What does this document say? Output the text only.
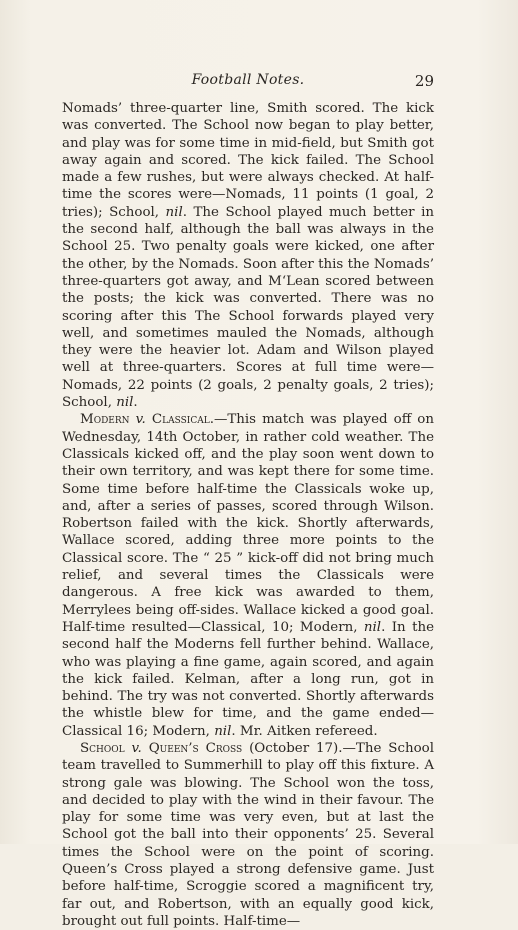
Football Notes.	29

Nomads’ three-quarter line, Smith scored. The kick was converted. The School now began to play better, and play was for some time in mid-field, but Smith got away again and scored. The kick failed. The School made a few rushes, but were always checked. At half-time the scores were—Nomads, 11 points (1 goal, 2 tries); School, nil. The School played much better in the second half, although the ball was always in the School 25. Two penalty goals were kicked, one after the other, by the Nomads. Soon after this the Nomads’ three-quarters got away, and M‘Lean scored between the posts; the kick was converted. There was no scoring after this The School forwards played very well, and sometimes mauled the Nomads, although they were the heavier lot. Adam and Wilson played well at three-quarters. Scores at full time were—Nomads, 22 points (2 goals, 2 penalty goals, 2 tries); School, nil.

Modern v. Classical.—This match was played off on Wednesday, 14th October, in rather cold weather. The Classicals kicked off, and the play soon went down to their own territory, and was kept there for some time. Some time before half-time the Classicals woke up, and, after a series of passes, scored through Wilson. Robertson failed with the kick. Shortly afterwards, Wallace scored, adding three more points to the Classical score. The “ 25 ” kick-off did not bring much relief, and several times the Classicals were dangerous. A free kick was awarded to them, Merrylees being off-sides. Wallace kicked a good goal. Half-time resulted—Classical, 10; Modern, nil. In the second half the Moderns fell further behind. Wallace, who was playing a fine game, again scored, and again the kick failed. Kelman, after a long run, got in behind. The try was not converted. Shortly afterwards the whistle blew for time, and the game ended—Classical 16; Modern, nil. Mr. Aitken refereed.

School v. Queen’s Cross (October 17).—The School team travelled to Summerhill to play off this fixture. A strong gale was blowing. The School won the toss, and decided to play with the wind in their favour. The play for some time was very even, but at last the School got the ball into their opponents’ 25. Several times the School were on the point of scoring. Queen’s Cross played a strong defensive game. Just before half-time, Scroggie scored a magnificent try, far out, and Robertson, with an equally good kick, brought out full points. Half-time—
